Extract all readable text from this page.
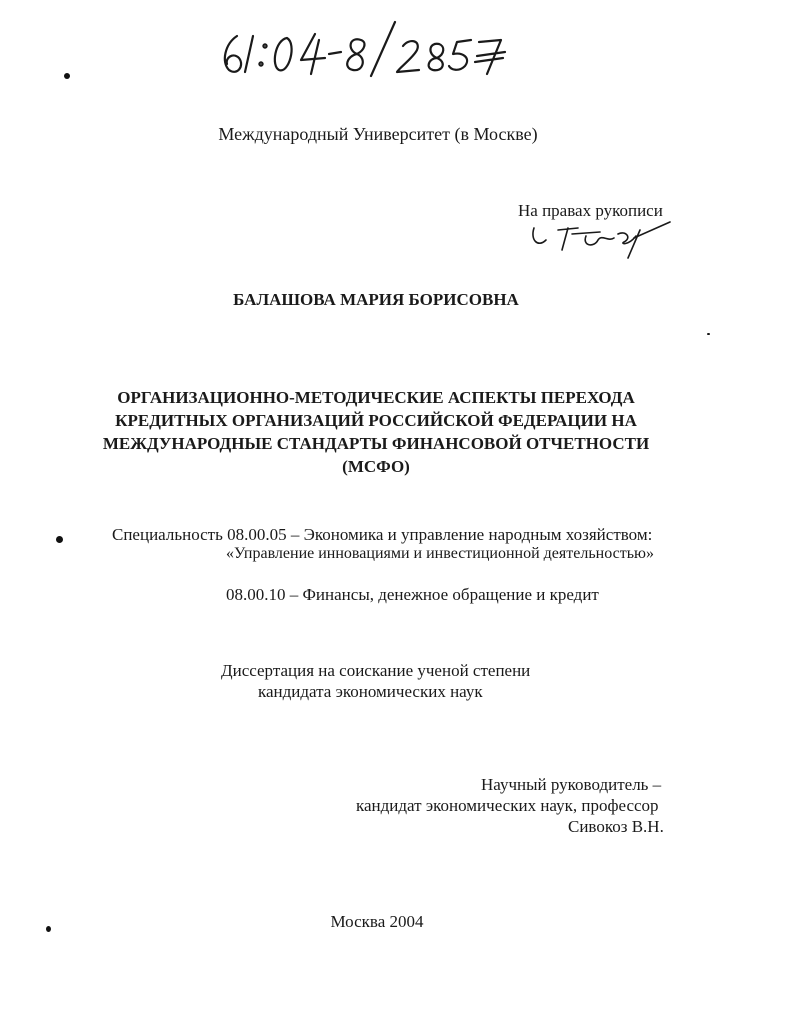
Международный Университет (в Москве)
На правах рукописи
БАЛАШОВА МАРИЯ БОРИСОВНА
ОРГАНИЗАЦИОННО-МЕТОДИЧЕСКИЕ АСПЕКТЫ ПЕРЕХОДА
КРЕДИТНЫХ ОРГАНИЗАЦИЙ РОССИЙСКОЙ ФЕДЕРАЦИИ НА
МЕЖДУНАРОДНЫЕ СТАНДАРТЫ ФИНАНСОВОЙ ОТЧЕТНОСТИ
(МСФО)
Специальность 08.00.05 – Экономика и управление народным хозяйством:
«Управление инновациями и инвестиционной деятельностью»
08.00.10 – Финансы, денежное обращение и кредит
Диссертация на соискание ученой степени
кандидата экономических наук
Научный руководитель –
кандидат экономических наук, профессор
Сивокоз В.Н.
Москва 2004
